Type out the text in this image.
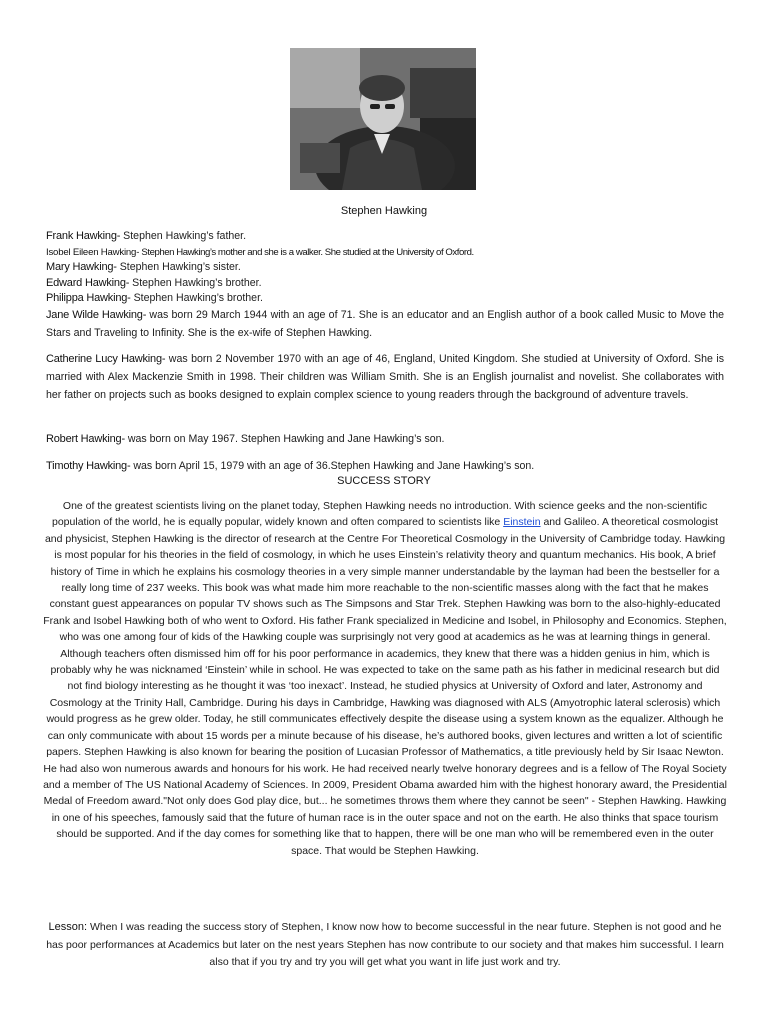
Stephen Hawking
Frank Hawking- Stephen Hawking’s father.
Isobel Eileen Hawking- Stephen Hawking’s mother and she is a walker. She studied at the University of Oxford.
Mary Hawking- Stephen Hawking’s sister.
Edward Hawking- Stephen Hawking’s brother.
Philippa Hawking- Stephen Hawking’s brother.
Jane Wilde Hawking- was born 29 March 1944 with an age of 71. She is an educator and an English author of a book called Music to Move the Stars and Traveling to Infinity. She is the ex-wife of Stephen Hawking.
Catherine Lucy Hawking- was born 2 November 1970 with an age of 46, England, United Kingdom. She studied at University of Oxford. She is married with Alex Mackenzie Smith in 1998. Their children was William Smith. She is an English journalist and novelist. She collaborates with her father on projects such as books designed to explain complex science to young readers through the background of adventure travels.
Robert Hawking- was born on May 1967. Stephen Hawking and Jane Hawking’s son.
Timothy Hawking- was born April 15, 1979 with an age of 36.Stephen Hawking and Jane Hawking’s son.
SUCCESS STORY
One of the greatest scientists living on the planet today, Stephen Hawking needs no introduction. With science geeks and the non-scientific population of the world, he is equally popular, widely known and often compared to scientists like Einstein and Galileo. A theoretical cosmologist and physicist, Stephen Hawking is the director of research at the Centre For Theoretical Cosmology in the University of Cambridge today. Hawking is most popular for his theories in the field of cosmology, in which he uses Einstein’s relativity theory and quantum mechanics. His book, A brief history of Time in which he explains his cosmology theories in a very simple manner understandable by the layman had been the bestseller for a really long time of 237 weeks. This book was what made him more reachable to the non-scientific masses along with the fact that he makes constant guest appearances on popular TV shows such as The Simpsons and Star Trek. Stephen Hawking was born to the also-highly-educated Frank and Isobel Hawking both of who went to Oxford. His father Frank specialized in Medicine and Isobel, in Philosophy and Economics. Stephen, who was one among four of kids of the Hawking couple was surprisingly not very good at academics as he was at learning things in general. Although teachers often dismissed him off for his poor performance in academics, they knew that there was a hidden genius in him, which is probably why he was nicknamed ‘Einstein’ while in school. He was expected to take on the same path as his father in medicinal research but did not find biology interesting as he thought it was ‘too inexact’. Instead, he studied physics at University of Oxford and later, Astronomy and Cosmology at the Trinity Hall, Cambridge. During his days in Cambridge, Hawking was diagnosed with ALS (Amyotrophic lateral sclerosis) which would progress as he grew older. Today, he still communicates effectively despite the disease using a system known as the equalizer. Although he can only communicate with about 15 words per a minute because of his disease, he’s authored books, given lectures and written a lot of scientific papers. Stephen Hawking is also known for bearing the position of Lucasian Professor of Mathematics, a title previously held by Sir Isaac Newton. He had also won numerous awards and honours for his work. He had received nearly twelve honorary degrees and is a fellow of The Royal Society and a member of The US National Academy of Sciences. In 2009, President Obama awarded him with the highest honorary award, the Presidential Medal of Freedom award."Not only does God play dice, but... he sometimes throws them where they cannot be seen" - Stephen Hawking. Hawking in one of his speeches, famously said that the future of human race is in the outer space and not on the earth. He also thinks that space tourism should be supported. And if the day comes for something like that to happen, there will be one man who will be remembered even in the outer space. That would be Stephen Hawking.
Lesson: When I was reading the success story of Stephen, I know now how to become successful in the near future. Stephen is not good and he has poor performances at Academics but later on the nest years Stephen has now contribute to our society and that makes him successful. I learn also that if you try and try you will get what you want in life just work and try.
